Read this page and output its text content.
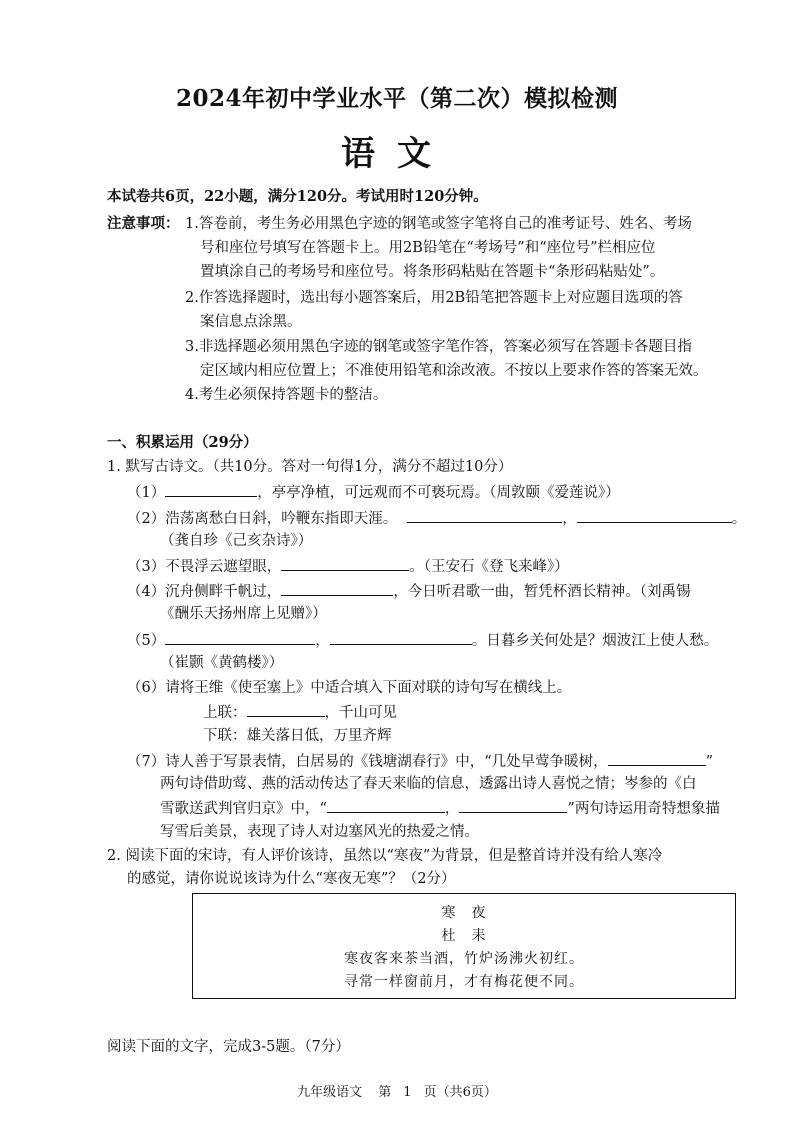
2024年初中学业水平（第二次）模拟检测
语文
本试卷共6页，22小题，满分120分。考试用时120分钟。
注意事项： 1.答卷前，考生务必用黑色字迹的钢笔或签字笔将自己的准考证号、姓名、考场
号和座位号填写在答题卡上。用2B铅笔在“考场号”和“座位号”栏相应位
置填涂自己的考场号和座位号。将条形码粘贴在答题卡“条形码粘贴处”。
2.作答选择题时，选出每小题答案后，用2B铅笔把答题卡上对应题目选项的答
案信息点涂黑。
3.非选择题必须用黑色字迹的钢笔或签字笔作答，答案必须写在答题卡各题目指
定区域内相应位置上；不准使用铅笔和涂改液。不按以上要求作答的答案无效。
4.考生必须保持答题卡的整洁。
一、积累运用（29分）
1. 默写古诗文。（共10分。答对一句得1分，满分不超过10分）
（1）	，亭亭净植，可远观而不可亵玩焉。（周敦颐《爱莲说》）
（2）浩荡离愁白日斜，吟鞭东指即天涯。	，	。
（龚自珍《己亥杂诗》）
（3）不畏浮云遮望眼，	。（王安石《登飞来峰》）
（4）沉舟侧畔千帆过，	，今日听君歌一曲，暂凭杯酒长精神。（刘禹锡
《酬乐天扬州席上见赠》）
（5）	，	。日暮乡关何处是？烟波江上使人愁。
（崔颢《黄鹤楼》）
（6）请将王维《使至塞上》中适合填入下面对联的诗句写在横线上。
上联：	，千山可见
下联：雄关落日低，万里齐辉
（7）诗人善于写景表情，白居易的《钱塘湖春行》中，“几处早莺争暖树，	”
两句诗借助莺、燕的活动传达了春天来临的信息，透露出诗人喜悦之情；岑参的《白
雪歌送武判官归京》中，“	，	”两句诗运用奇特想象描
写雪后美景，表现了诗人对边塞风光的热爱之情。
2. 阅读下面的宋诗，有人评价该诗，虽然以“寒夜”为背景，但是整首诗并没有给人寒冷
的感觉，请你说说该诗为什么“寒夜无寒”？（2分）
寒　夜
杜　耒
寒夜客来茶当酒，竹炉汤沸火初红。
寻常一样窗前月，才有梅花便不同。
阅读下面的文字，完成3-5题。（7分）
九年级语文 第 1 页（共6页）
